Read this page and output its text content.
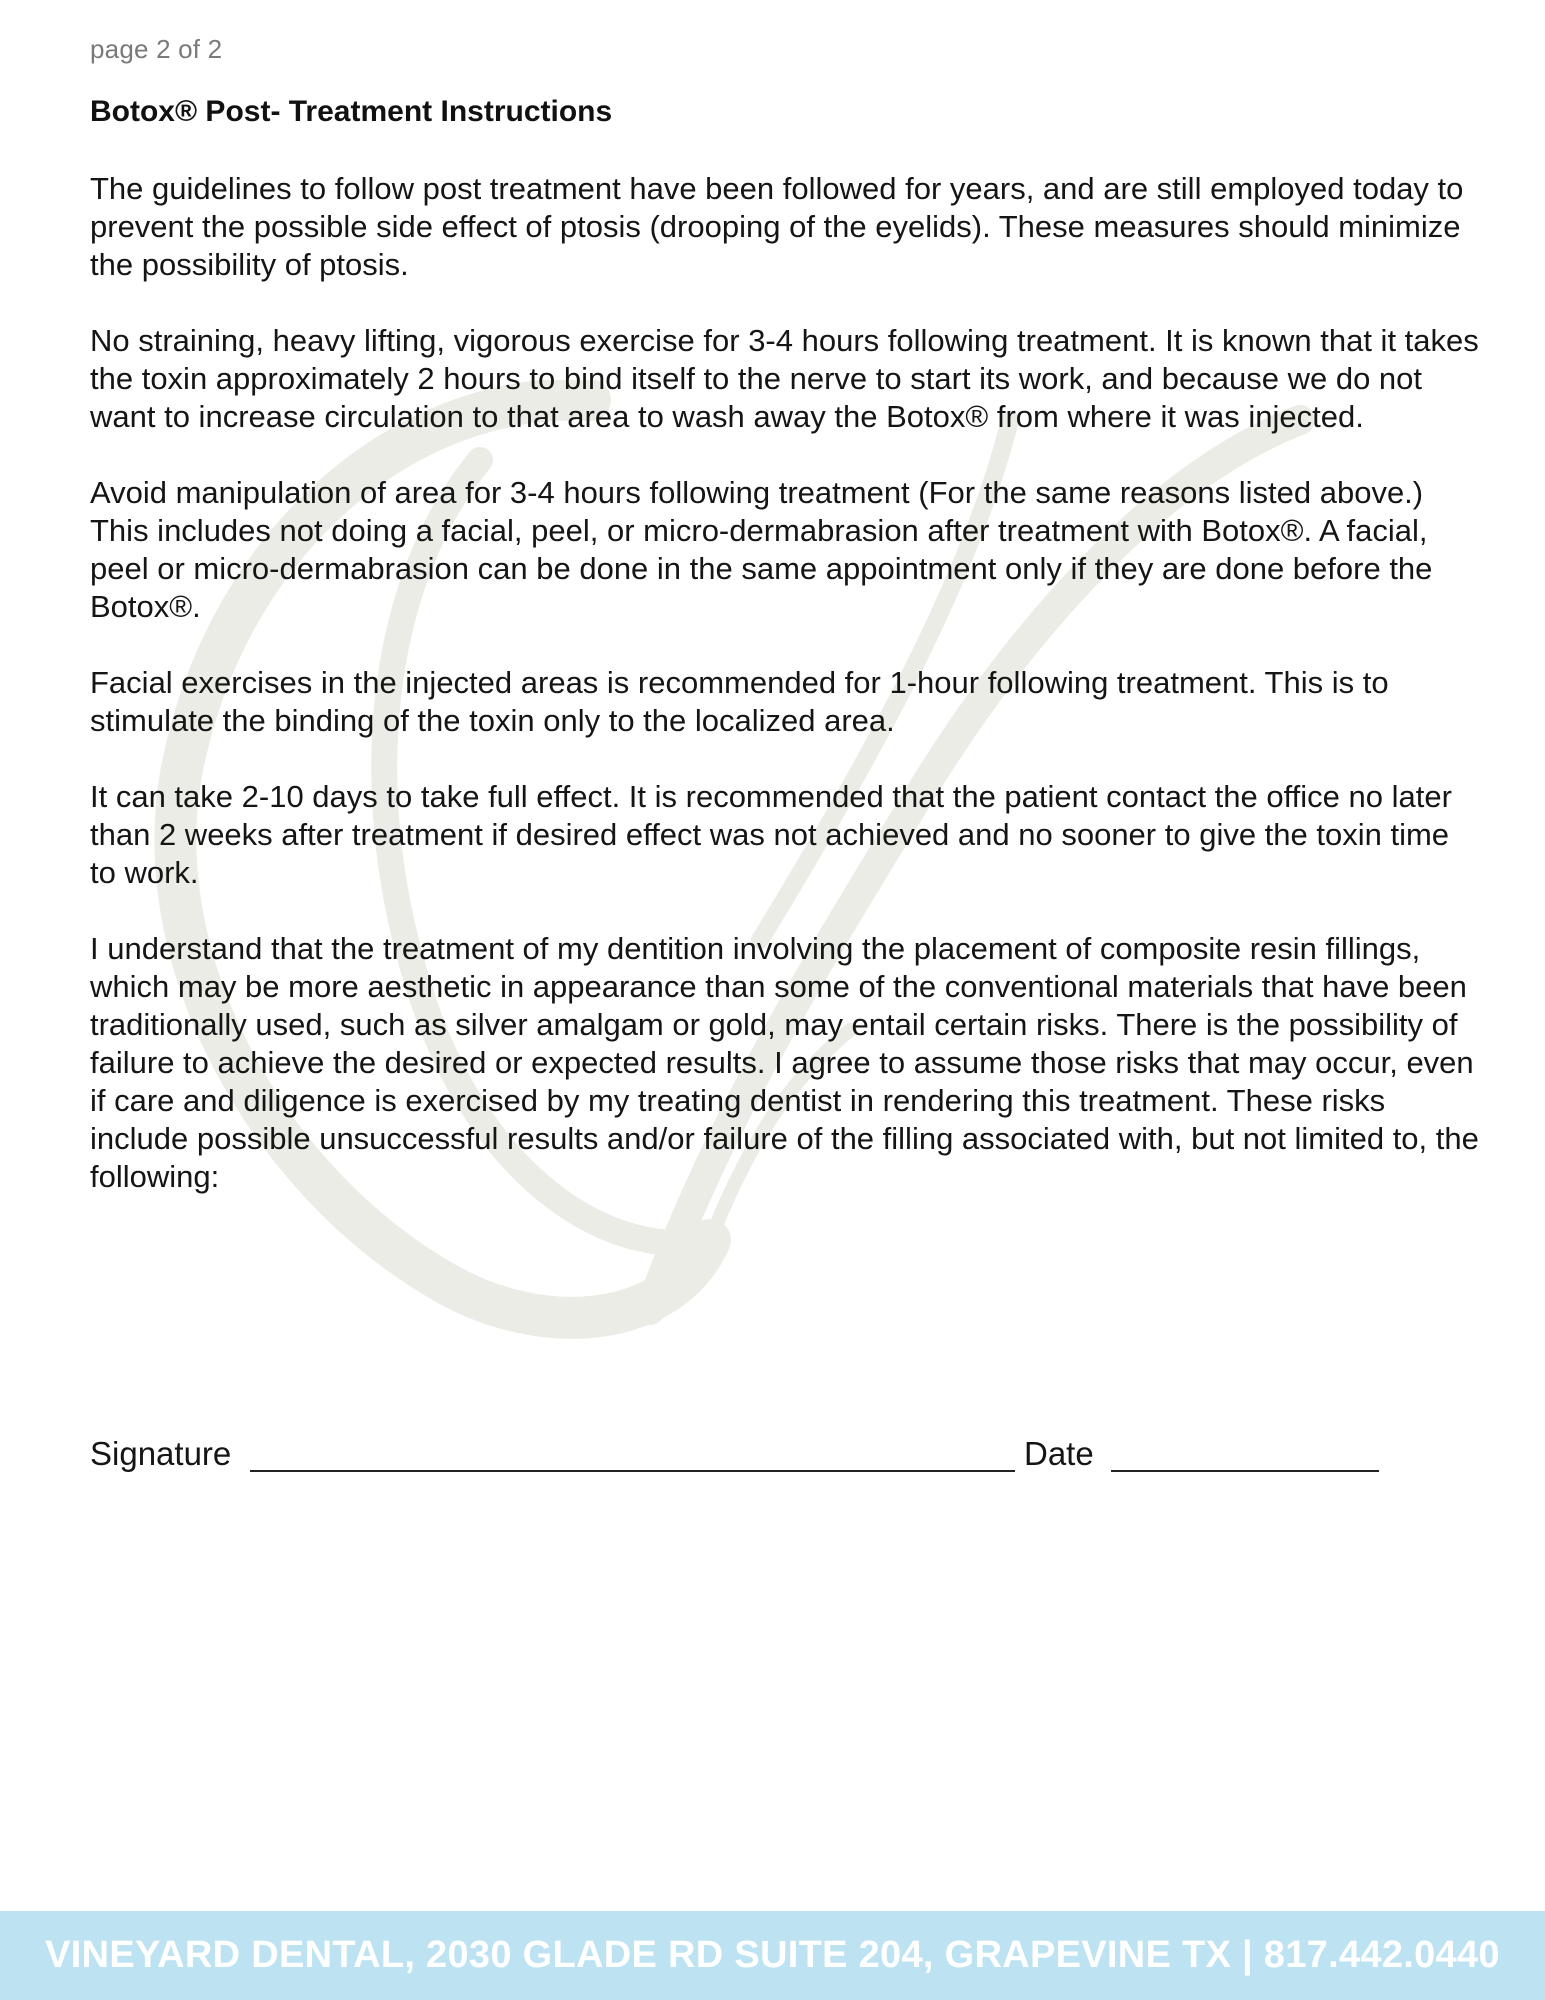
page 2 of 2
Botox® Post- Treatment Instructions

The guidelines to follow post treatment have been followed for years, and are still employed today to prevent the possible side effect of ptosis (drooping of the eyelids). These measures should minimize the possibility of ptosis.

No straining, heavy lifting, vigorous exercise for 3-4 hours following treatment. It is known that it takes the toxin approximately 2 hours to bind itself to the nerve to start its work, and because we do not want to increase circulation to that area to wash away the Botox® from where it was injected.

Avoid manipulation of area for 3-4 hours following treatment (For the same reasons listed above.) This includes not doing a facial, peel, or micro-dermabrasion after treatment with Botox®. A facial, peel or micro-dermabrasion can be done in the same appointment only if they are done before the Botox®.

Facial exercises in the injected areas is recommended for 1-hour following treatment. This is to stimulate the binding of the toxin only to the localized area.

It can take 2-10 days to take full effect. It is recommended that the patient contact the office no later than 2 weeks after treatment if desired effect was not achieved and no sooner to give the toxin time to work.

I understand that the treatment of my dentition involving the placement of composite resin fillings, which may be more aesthetic in appearance than some of the conventional materials that have been traditionally used, such as silver amalgam or gold, may entail certain risks. There is the possibility of failure to achieve the desired or expected results. I agree to assume those risks that may occur, even if care and diligence is exercised by my treating dentist in rendering this treatment. These risks include possible unsuccessful results and/or failure of the filling associated with, but not limited to, the following:

Signature	Date
VINEYARD DENTAL, 2030 GLADE RD SUITE 204, GRAPEVINE TX | 817.442.0440
